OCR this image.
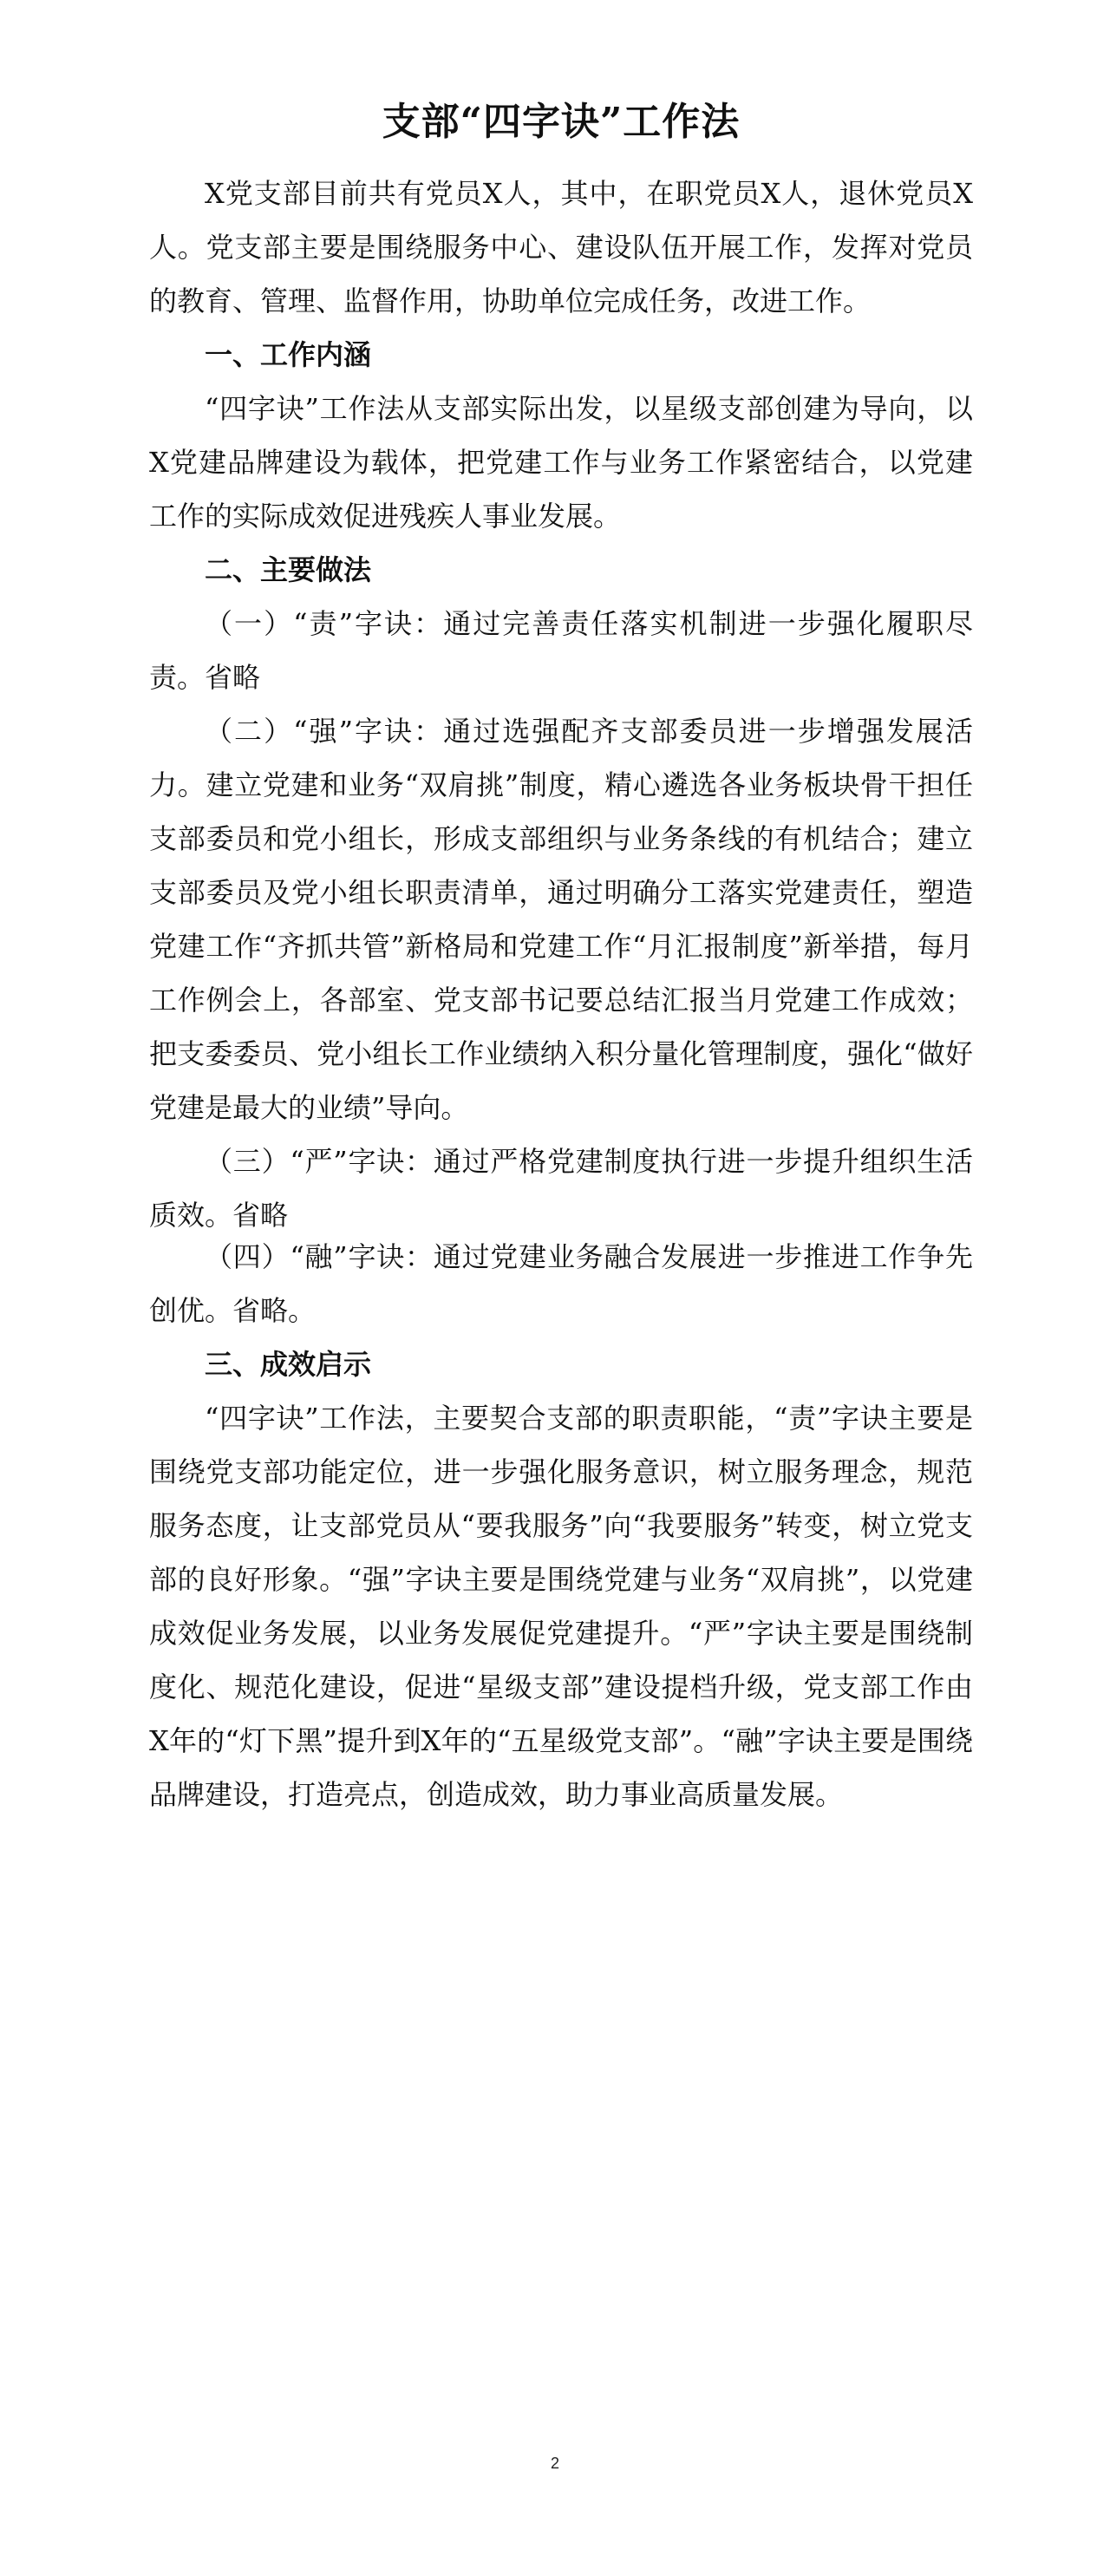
支部“四字诀”工作法

X党支部目前共有党员X人，其中，在职党员X人，退休党员X人。党支部主要是围绕服务中心、建设队伍开展工作，发挥对党员的教育、管理、监督作用，协助单位完成任务，改进工作。

一、工作内涵

“四字诀”工作法从支部实际出发，以星级支部创建为导向，以X党建品牌建设为载体，把党建工作与业务工作紧密结合，以党建工作的实际成效促进残疾人事业发展。

二、主要做法

（一）“责”字诀：通过完善责任落实机制进一步强化履职尽责。省略

（二）“强”字诀：通过选强配齐支部委员进一步增强发展活力。建立党建和业务“双肩挑”制度，精心遴选各业务板块骨干担任支部委员和党小组长，形成支部组织与业务条线的有机结合；建立支部委员及党小组长职责清单，通过明确分工落实党建责任，塑造党建工作“齐抓共管”新格局和党建工作“月汇报制度”新举措，每月工作例会上，各部室、党支部书记要总结汇报当月党建工作成效；把支委委员、党小组长工作业绩纳入积分量化管理制度，强化“做好党建是最大的业绩”导向。

（三）“严”字诀：通过严格党建制度执行进一步提升组织生活质效。省略

（四）“融”字诀：通过党建业务融合发展进一步推进工作争先创优。省略。

三、成效启示

“四字诀”工作法，主要契合支部的职责职能，“责”字诀主要是围绕党支部功能定位，进一步强化服务意识，树立服务理念，规范服务态度，让支部党员从“要我服务”向“我要服务”转变，树立党支部的良好形象。“强”字诀主要是围绕党建与业务“双肩挑”，以党建成效促业务发展，以业务发展促党建提升。“严”字诀主要是围绕制度化、规范化建设，促进“星级支部”建设提档升级，党支部工作由X年的“灯下黑”提升到X年的“五星级党支部”。“融”字诀主要是围绕品牌建设，打造亮点，创造成效，助力事业高质量发展。

2
